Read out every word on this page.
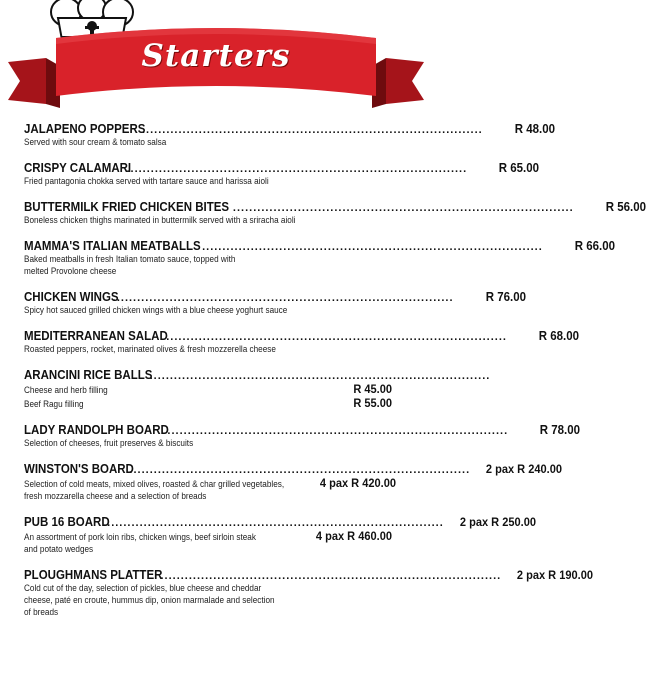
Starters
JALAPENO POPPERS
....................................................................................	R 48.00
Served with sour cream & tomato salsa
CRISPY CALAMARI
....................................................................................	R 65.00
Fried pantagonia chokka served with tartare sauce and harissa aioli
BUTTERMILK FRIED CHICKEN BITES ....................................................................................	R 56.00
Boneless chicken thighs marinated in buttermilk served with a sriracha aioli
MAMMA'S ITALIAN MEATBALLS ....................................................................................	R 66.00
Baked meatballs in fresh Italian tomato sauce, topped with
melted Provolone cheese
CHICKEN WINGS
....................................................................................	R 76.00
Spicy hot sauced grilled chicken wings with a blue cheese yoghurt sauce
MEDITERRANEAN SALAD
....................................................................................	R 68.00
Roasted peppers, rocket, marinated olives & fresh mozzerella cheese
ARANCINI RICE BALLS
....................................................................................
Cheese and herb filling	R 45.00
Beef Ragu filling	R 55.00
LADY RANDOLPH BOARD
....................................................................................	R 78.00
Selection of cheeses, fruit preserves & biscuits
WINSTON'S BOARD
....................................................................................	2 pax R 240.00
Selection of cold meats, mixed olives, roasted & char grilled vegetables,	4 pax R 420.00
fresh mozzarella cheese and a selection of breads
PUB 16 BOARD
....................................................................................	2 pax R 250.00
An assortment of pork loin ribs, chicken wings, beef sirloin steak	4 pax R 460.00
and potato wedges
PLOUGHMANS PLATTER
....................................................................................	2 pax R 190.00
Cold cut of the day, selection of pickles, blue cheese and cheddar
cheese, paté en croute, hummus dip, onion marmalade and selection
of breads
